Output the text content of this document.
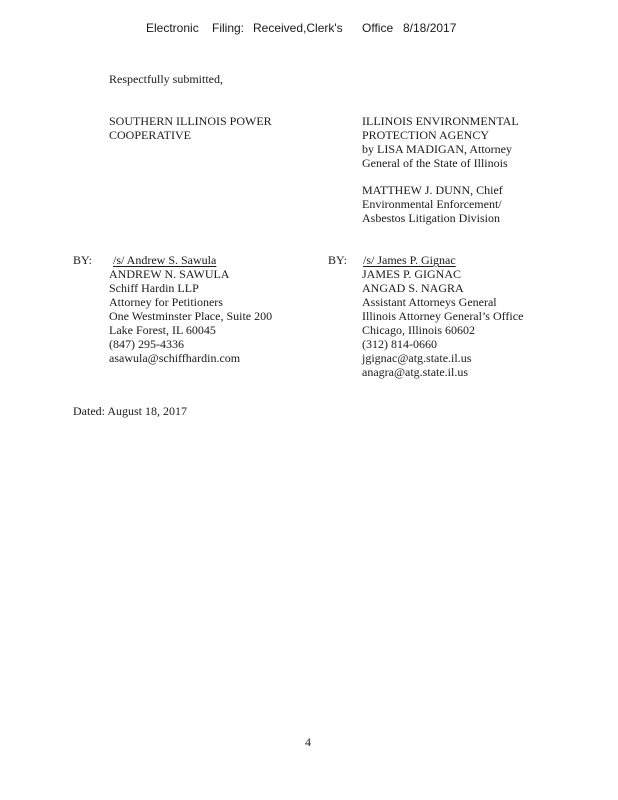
Electronic Filing: Received,Clerk's Office 8/18/2017
Respectfully submitted,
SOUTHERN ILLINOIS POWER
COOPERATIVE
ILLINOIS ENVIRONMENTAL
PROTECTION AGENCY
by LISA MADIGAN, Attorney
General of the State of Illinois
MATTHEW J. DUNN, Chief
Environmental Enforcement/
Asbestos Litigation Division
BY: /s/ Andrew S. Sawula
ANDREW N. SAWULA
Schiff Hardin LLP
Attorney for Petitioners
One Westminster Place, Suite 200
Lake Forest, IL 60045
(847) 295-4336
asawula@schiffhardin.com
BY: /s/ James P. Gignac
JAMES P. GIGNAC
ANGAD S. NAGRA
Assistant Attorneys General
Illinois Attorney General’s Office
Chicago, Illinois 60602
(312) 814-0660
jgignac@atg.state.il.us
anagra@atg.state.il.us
Dated: August 18, 2017
4
